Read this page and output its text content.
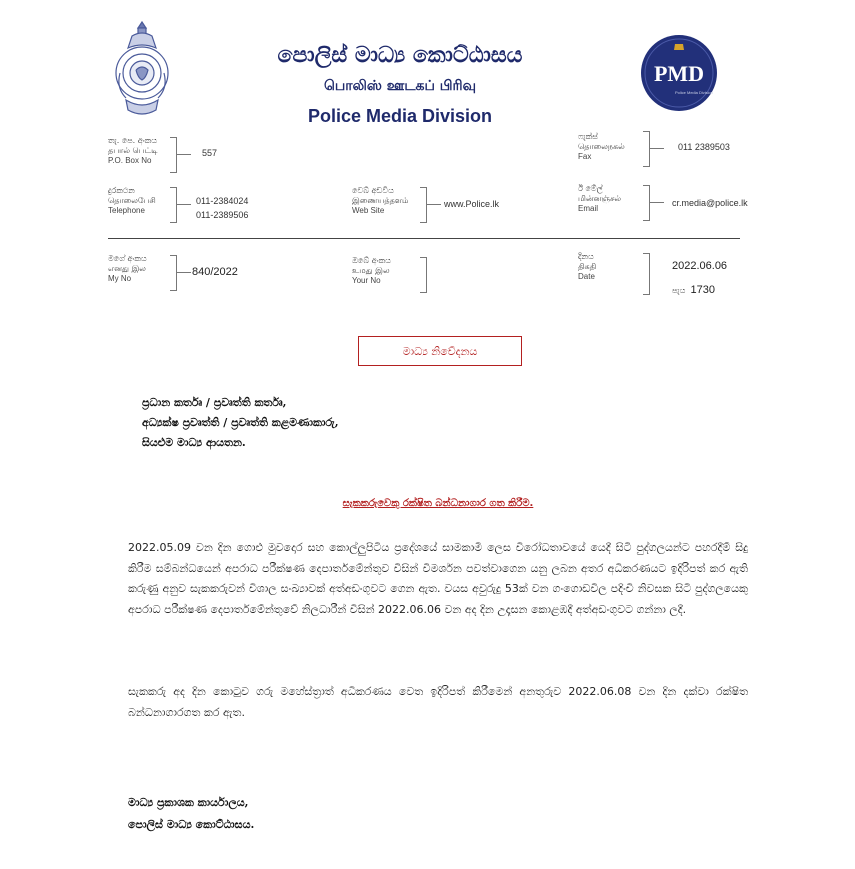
පොලිස් මාධ්‍ය කොට්ඨාසය
பொலிஸ் ஊடகப் பிரிவு
Police Media Division
PMD
Police Media Division
තැ. පෙ. අංකය
தபால் பெட்டி
P.O. Box No
557
ෆැක්ස්
தொலைநகல்
Fax
011 2389503
දුරකථන
தொலைபேசி
Telephone
011-2384024
011-2389506
වෙබ් අඩවිය
இணையத்தளம்
Web Site
www.Police.lk
ඊ මේල්
மின்னஞ்சல்
Email
cr.media@police.lk
මගේ අංකය
எனது இல
My No
840/2022
ඔබේ අංකය
உமது இல
Your No
දිනය
திகதி
Date
2022.06.06
පැය 1730
මාධ්‍ය නිවේදනය
ප්‍රධාන කර්තෘ / ප්‍රවෘත්ති කර්තෘ,
අධ්‍යක්ෂ ප්‍රවෘත්ති / ප්‍රවෘත්ති කළමණාකාරු,
සියළුම මාධ්‍ය ආයතන.
සැකකරුවෙකු රක්ෂිත බන්ධනාගාර ගත කිරීම.
2022.05.09 වන දින ගොළු මුවදොර සහ කොල්ලුපිටිය ප්‍රදේශයේ සාමකාමී ලෙස විරෝධතාවයේ යෙදී සිටි පුද්ගලයන්ට පහරදීම් සිදු කිරීම සම්බන්ධයෙන් අපරාධ පරීක්ෂණ දෙපාර්තමේන්තුව විසින් විමර්ශන පවත්වාගෙන යනු ලබන අතර අධිකරණයට ඉදිරිපත් කර ඇති කරුණු අනුව සැකකරුවන් විශාල සංඛ්‍යාවක් අත්අඩංගුවට ගෙන ඇත. වයස අවුරුදු 53ක් වන ගංගොඩවිල පදිංචි නිවසක සිටි පුද්ගලයෙකු අපරාධ පරීක්ෂණ දෙපාර්තමේන්තුවේ නිලධාරීන් විසින් 2022.06.06 වන අද දින උදෑසන කොළඹදී අත්අඩංගුවට ගන්නා ලදී.
සැකකරු අද දින කොටුව ගරු මහේස්ත්‍රාත් අධිකරණය වෙත ඉදිරිපත් කිරීමෙන් අනතුරුව 2022.06.08 වන දින දක්වා රක්ෂිත බන්ධනාගාරගත කර ඇත.
මාධ්‍ය ප්‍රකාශක කාර්යාලය,
පොලිස් මාධ්‍ය කොට්ඨාසය.
